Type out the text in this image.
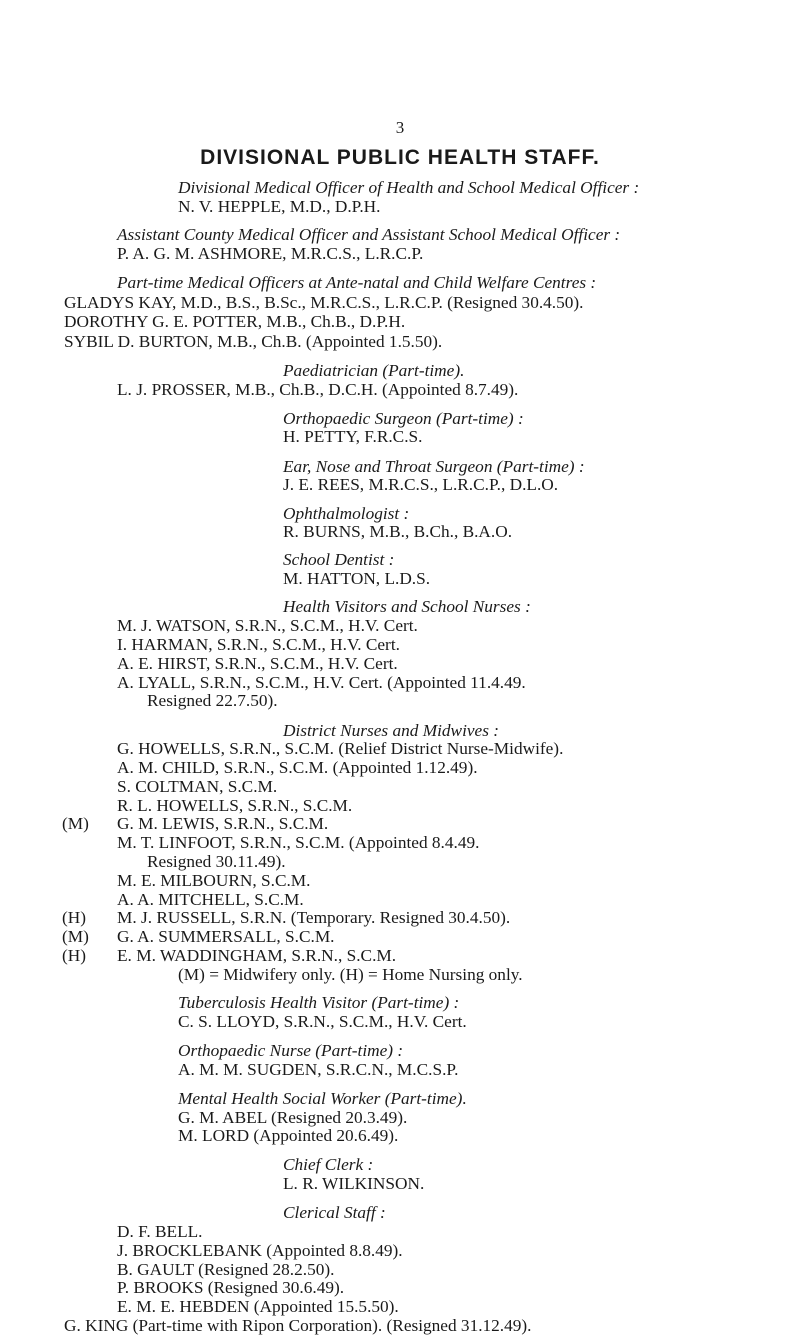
3
DIVISIONAL PUBLIC HEALTH STAFF.
Divisional Medical Officer of Health and School Medical Officer :
N. V. HEPPLE, M.D., D.P.H.
Assistant County Medical Officer and Assistant School Medical Officer :
P. A. G. M. ASHMORE, M.R.C.S., L.R.C.P.
Part-time Medical Officers at Ante-natal and Child Welfare Centres :
GLADYS KAY, M.D., B.S., B.Sc., M.R.C.S., L.R.C.P. (Resigned 30.4.50).
DOROTHY G. E. POTTER, M.B., Ch.B., D.P.H.
SYBIL D. BURTON, M.B., Ch.B. (Appointed 1.5.50).
Paediatrician (Part-time).
L. J. PROSSER, M.B., Ch.B., D.C.H. (Appointed 8.7.49).
Orthopaedic Surgeon (Part-time) :
H. PETTY, F.R.C.S.
Ear, Nose and Throat Surgeon (Part-time) :
J. E. REES, M.R.C.S., L.R.C.P., D.L.O.
Ophthalmologist :
R. BURNS, M.B., B.Ch., B.A.O.
School Dentist :
M. HATTON, L.D.S.
Health Visitors and School Nurses :
M. J. WATSON, S.R.N., S.C.M., H.V. Cert.
I. HARMAN, S.R.N., S.C.M., H.V. Cert.
A. E. HIRST, S.R.N., S.C.M., H.V. Cert.
A. LYALL, S.R.N., S.C.M., H.V. Cert. (Appointed 11.4.49.
Resigned 22.7.50).
District Nurses and Midwives :
G. HOWELLS, S.R.N., S.C.M. (Relief District Nurse-Midwife).
A. M. CHILD, S.R.N., S.C.M. (Appointed 1.12.49).
S. COLTMAN, S.C.M.
R. L. HOWELLS, S.R.N., S.C.M.
G. M. LEWIS, S.R.N., S.C.M.
M. T. LINFOOT, S.R.N., S.C.M. (Appointed 8.4.49.
Resigned 30.11.49).
M. E. MILBOURN, S.C.M.
A. A. MITCHELL, S.C.M.
M. J. RUSSELL, S.R.N. (Temporary. Resigned 30.4.50).
G. A. SUMMERSALL, S.C.M.
E. M. WADDINGHAM, S.R.N., S.C.M.
(M) = Midwifery only. (H) = Home Nursing only.
Tuberculosis Health Visitor (Part-time) :
C. S. LLOYD, S.R.N., S.C.M., H.V. Cert.
Orthopaedic Nurse (Part-time) :
A. M. M. SUGDEN, S.R.C.N., M.C.S.P.
Mental Health Social Worker (Part-time).
G. M. ABEL (Resigned 20.3.49).
M. LORD (Appointed 20.6.49).
Chief Clerk :
L. R. WILKINSON.
Clerical Staff :
D. F. BELL.
J. BROCKLEBANK (Appointed 8.8.49).
B. GAULT (Resigned 28.2.50).
P. BROOKS (Resigned 30.6.49).
E. M. E. HEBDEN (Appointed 15.5.50).
G. KING (Part-time with Ripon Corporation). (Resigned 31.12.49).
(M)
(H)
(M)
(H)
